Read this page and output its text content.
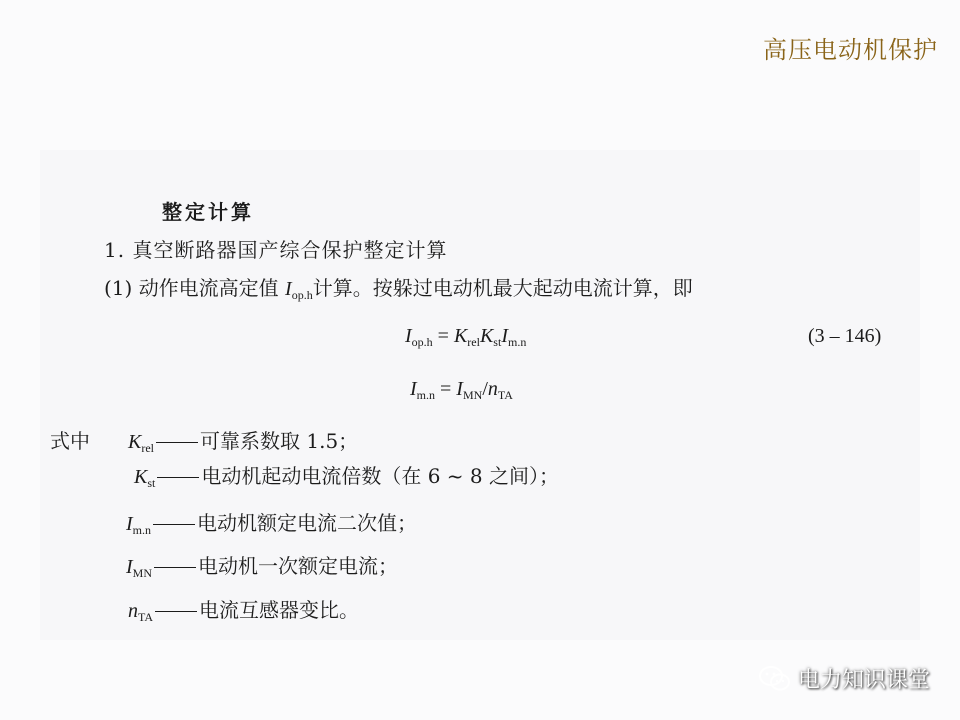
高压电动机保护
整定计算
1. 真空断路器国产综合保护整定计算
(1) 动作电流高定值 $I_{op.h}$计算。按躲过电动机最大起动电流计算，即
$I_{op.h} = K_{rel}K_{st}I_{m.n}$	(3 – 146)
$I_{m.n} = I_{MN}/n_{TA}$
式中 $K_{rel}$ 可靠系数取 1.5；
$K_{st}$ 电动机起动电流倍数（在 6 ~ 8 之间）；
$I_{m.n}$ 电动机额定电流二次值；
$I_{MN}$ 电动机一次额定电流；
$n_{TA}$ 电流互感器变比。
电力知识课堂
